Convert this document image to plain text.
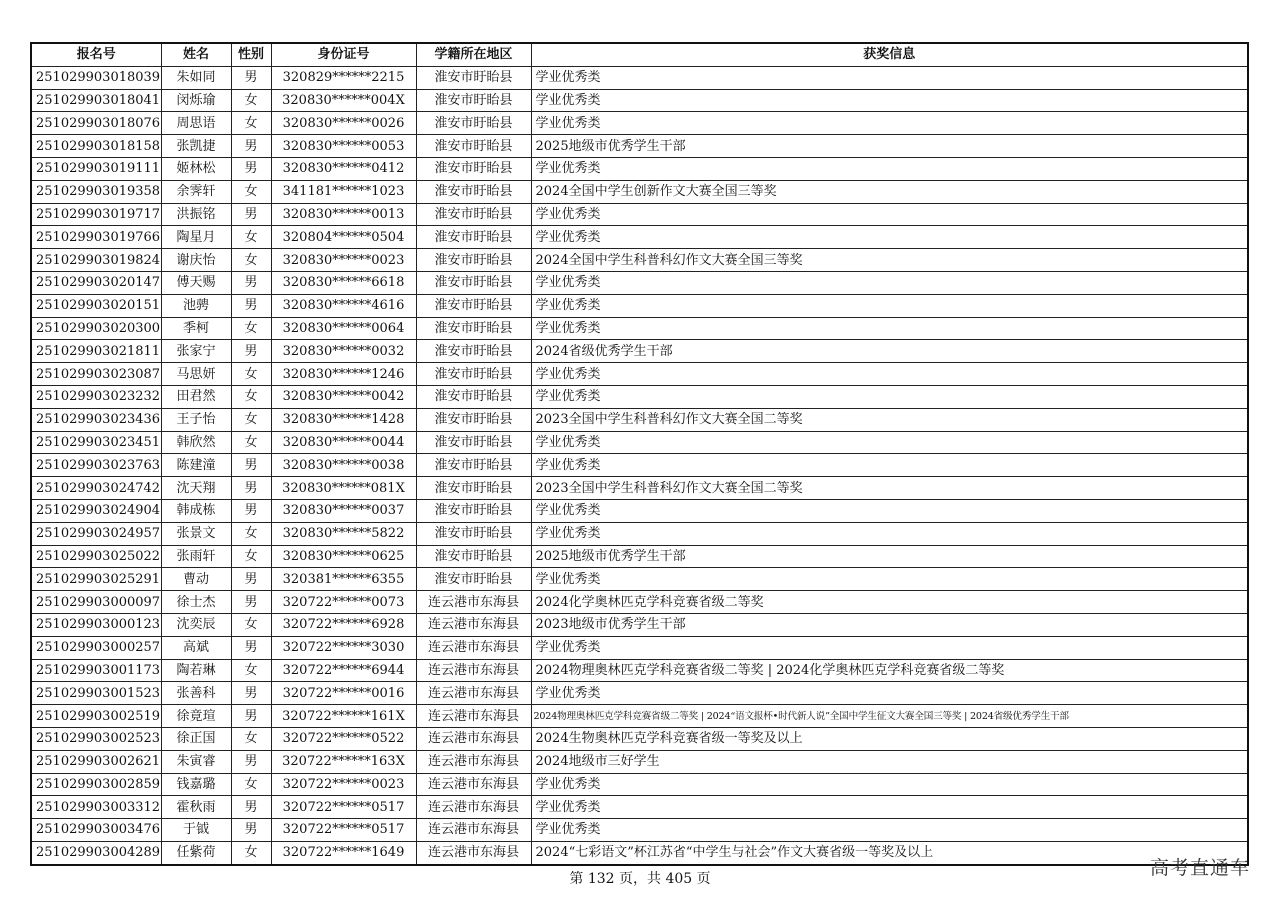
报名号	姓名	性别	身份证号	学籍所在地区	获奖信息
251029903018039	朱如同	男	320829******2215	淮安市盱眙县	学业优秀类
251029903018041	闵烁瑜	女	320830******004X	淮安市盱眙县	学业优秀类
251029903018076	周思语	女	320830******0026	淮安市盱眙县	学业优秀类
251029903018158	张凯捷	男	320830******0053	淮安市盱眙县	2025地级市优秀学生干部
251029903019111	姬林松	男	320830******0412	淮安市盱眙县	学业优秀类
251029903019358	余霁轩	女	341181******1023	淮安市盱眙县	2024全国中学生创新作文大赛全国三等奖
251029903019717	洪振铭	男	320830******0013	淮安市盱眙县	学业优秀类
251029903019766	陶星月	女	320804******0504	淮安市盱眙县	学业优秀类
251029903019824	谢庆怡	女	320830******0023	淮安市盱眙县	2024全国中学生科普科幻作文大赛全国三等奖
251029903020147	傅天赐	男	320830******6618	淮安市盱眙县	学业优秀类
251029903020151	池骋	男	320830******4616	淮安市盱眙县	学业优秀类
251029903020300	季柯	女	320830******0064	淮安市盱眙县	学业优秀类
251029903021811	张家宁	男	320830******0032	淮安市盱眙县	2024省级优秀学生干部
251029903023087	马思妍	女	320830******1246	淮安市盱眙县	学业优秀类
251029903023232	田君然	女	320830******0042	淮安市盱眙县	学业优秀类
251029903023436	王子怡	女	320830******1428	淮安市盱眙县	2023全国中学生科普科幻作文大赛全国二等奖
251029903023451	韩欣然	女	320830******0044	淮安市盱眙县	学业优秀类
251029903023763	陈建潼	男	320830******0038	淮安市盱眙县	学业优秀类
251029903024742	沈天翔	男	320830******081X	淮安市盱眙县	2023全国中学生科普科幻作文大赛全国二等奖
251029903024904	韩成栋	男	320830******0037	淮安市盱眙县	学业优秀类
251029903024957	张景文	女	320830******5822	淮安市盱眙县	学业优秀类
251029903025022	张雨轩	女	320830******0625	淮安市盱眙县	2025地级市优秀学生干部
251029903025291	曹动	男	320381******6355	淮安市盱眙县	学业优秀类
251029903000097	徐士杰	男	320722******0073	连云港市东海县	2024化学奥林匹克学科竞赛省级二等奖
251029903000123	沈奕辰	女	320722******6928	连云港市东海县	2023地级市优秀学生干部
251029903000257	高斌	男	320722******3030	连云港市东海县	学业优秀类
251029903001173	陶若琳	女	320722******6944	连云港市东海县	2024物理奥林匹克学科竞赛省级二等奖 | 2024化学奥林匹克学科竞赛省级二等奖
251029903001523	张善科	男	320722******0016	连云港市东海县	学业优秀类
251029903002519	徐竟瑄	男	320722******161X	连云港市东海县	2024物理奥林匹克学科竞赛省级二等奖 | 2024“语文报杯•时代新人说”全国中学生征文大赛全国三等奖 | 2024省级优秀学生干部
251029903002523	徐正国	女	320722******0522	连云港市东海县	2024生物奥林匹克学科竞赛省级一等奖及以上
251029903002621	朱寅睿	男	320722******163X	连云港市东海县	2024地级市三好学生
251029903002859	钱嘉璐	女	320722******0023	连云港市东海县	学业优秀类
251029903003312	霍秋雨	男	320722******0517	连云港市东海县	学业优秀类
251029903003476	于钺	男	320722******0517	连云港市东海县	学业优秀类
251029903004289	任紫荷	女	320722******1649	连云港市东海县	2024“七彩语文”杯江苏省“中学生与社会”作文大赛省级一等奖及以上
第 132 页，共 405 页	高考直通车
